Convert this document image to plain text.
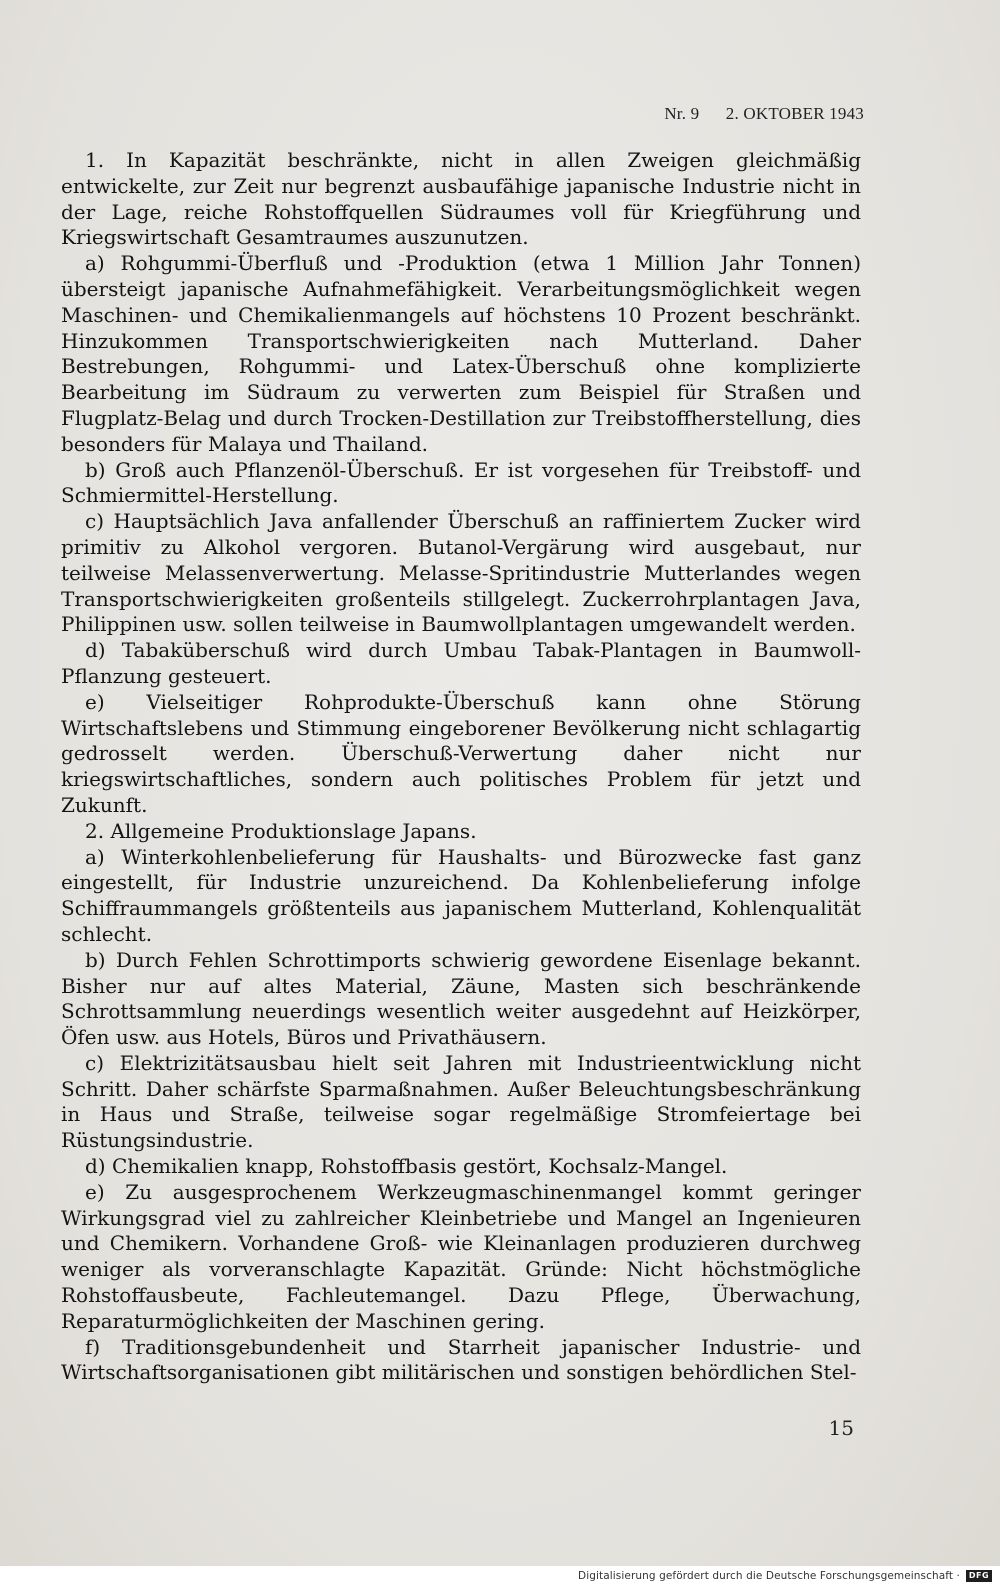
Nr. 9 2. OKTOBER 1943

1. In Kapazität beschränkte, nicht in allen Zweigen gleichmäßig entwickelte, zur Zeit nur begrenzt ausbaufähige japanische Industrie nicht in der Lage, reiche Rohstoffquellen Südraumes voll für Kriegführung und Kriegswirtschaft Gesamtraumes auszunutzen.

a) Rohgummi-Überfluß und -Produktion (etwa 1 Million Jahr Tonnen) übersteigt japanische Aufnahmefähigkeit. Verarbeitungsmöglichkeit wegen Maschinen- und Chemikalienmangels auf höchstens 10 Prozent beschränkt. Hinzukommen Transportschwierigkeiten nach Mutterland. Daher Bestrebungen, Rohgummi- und Latex-Überschuß ohne komplizierte Bearbeitung im Südraum zu verwerten zum Beispiel für Straßen und Flugplatz-Belag und durch Trocken-Destillation zur Treibstoffherstellung, dies besonders für Malaya und Thailand.

b) Groß auch Pflanzenöl-Überschuß. Er ist vorgesehen für Treibstoff- und Schmiermittel-Herstellung.

c) Hauptsächlich Java anfallender Überschuß an raffiniertem Zucker wird primitiv zu Alkohol vergoren. Butanol-Vergärung wird ausgebaut, nur teilweise Melassenverwertung. Melasse-Spritindustrie Mutterlandes wegen Transportschwierigkeiten großenteils stillgelegt. Zuckerrohrplantagen Java, Philippinen usw. sollen teilweise in Baumwollplantagen umgewandelt werden.

d) Tabaküberschuß wird durch Umbau Tabak-Plantagen in Baumwoll-Pflanzung gesteuert.

e) Vielseitiger Rohprodukte-Überschuß kann ohne Störung Wirtschaftslebens und Stimmung eingeborener Bevölkerung nicht schlagartig gedrosselt werden. Überschuß-Verwertung daher nicht nur kriegswirtschaftliches, sondern auch politisches Problem für jetzt und Zukunft.

2. Allgemeine Produktionslage Japans.

a) Winterkohlenbelieferung für Haushalts- und Bürozwecke fast ganz eingestellt, für Industrie unzureichend. Da Kohlenbelieferung infolge Schiffraummangels größtenteils aus japanischem Mutterland, Kohlenqualität schlecht.

b) Durch Fehlen Schrottimports schwierig gewordene Eisenlage bekannt. Bisher nur auf altes Material, Zäune, Masten sich beschränkende Schrottsammlung neuerdings wesentlich weiter ausgedehnt auf Heizkörper, Öfen usw. aus Hotels, Büros und Privathäusern.

c) Elektrizitätsausbau hielt seit Jahren mit Industrieentwicklung nicht Schritt. Daher schärfste Sparmaßnahmen. Außer Beleuchtungsbeschränkung in Haus und Straße, teilweise sogar regelmäßige Stromfeiertage bei Rüstungsindustrie.

d) Chemikalien knapp, Rohstoffbasis gestört, Kochsalz-Mangel.

e) Zu ausgesprochenem Werkzeugmaschinenmangel kommt geringer Wirkungsgrad viel zu zahlreicher Kleinbetriebe und Mangel an Ingenieuren und Chemikern. Vorhandene Groß- wie Kleinanlagen produzieren durchweg weniger als vorveranschlagte Kapazität. Gründe: Nicht höchstmögliche Rohstoffausbeute, Fachleutemangel. Dazu Pflege, Überwachung, Reparaturmöglichkeiten der Maschinen gering.

f) Traditionsgebundenheit und Starrheit japanischer Industrie- und Wirtschaftsorganisationen gibt militärischen und sonstigen behördlichen Stel-

15
Digitalisierung gefördert durch die Deutsche Forschungsgemeinschaft ·	DFG
